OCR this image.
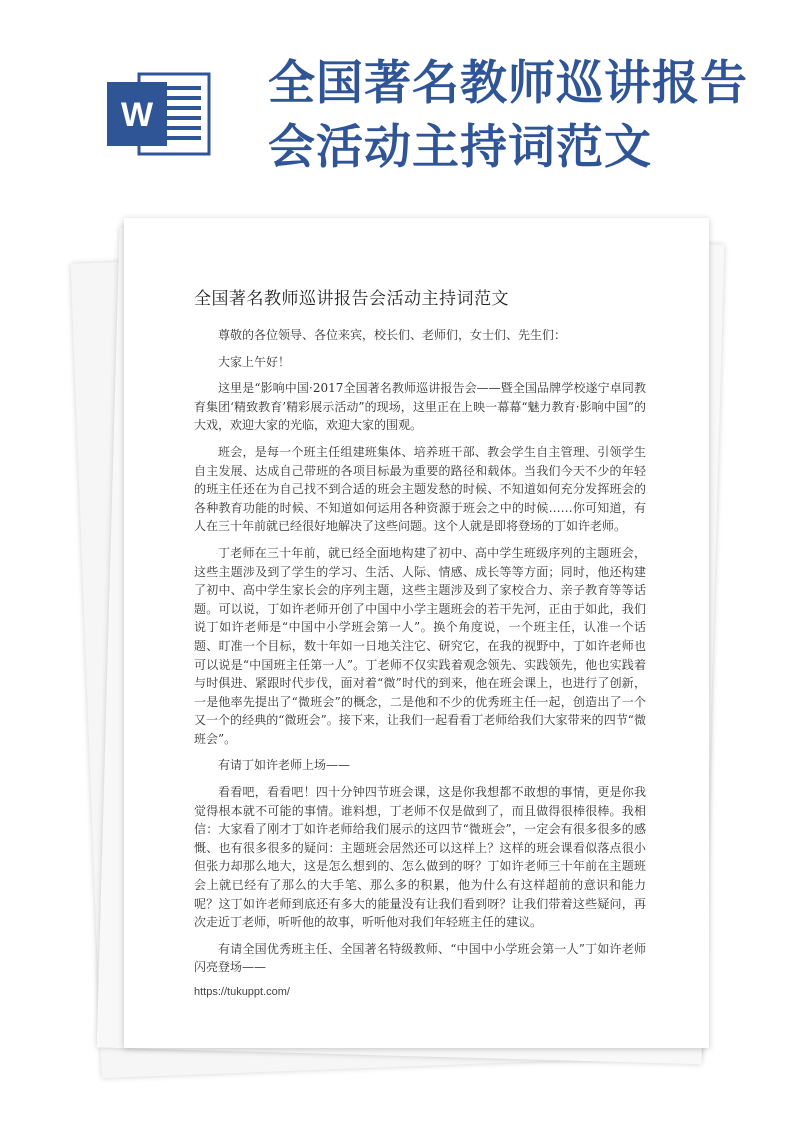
W
全国著名教师巡讲报告会活动主持词范文
全国著名教师巡讲报告会活动主持词范文

尊敬的各位领导、各位来宾，校长们、老师们，女士们、先生们：

大家上午好！

这里是“影响中国·2017全国著名教师巡讲报告会——暨全国品牌学校遂宁卓同教育集团‘精致教育’精彩展示活动”的现场，这里正在上映一幕幕“魅力教育·影响中国”的大戏，欢迎大家的光临，欢迎大家的围观。

班会，是每一个班主任组建班集体、培养班干部、教会学生自主管理、引领学生自主发展、达成自己带班的各项目标最为重要的路径和载体。当我们今天不少的年轻的班主任还在为自己找不到合适的班会主题发愁的时候、不知道如何充分发挥班会的各种教育功能的时候、不知道如何运用各种资源于班会之中的时候……你可知道，有人在三十年前就已经很好地解决了这些问题。这个人就是即将登场的丁如许老师。

丁老师在三十年前，就已经全面地构建了初中、高中学生班级序列的主题班会，这些主题涉及到了学生的学习、生活、人际、情感、成长等等方面；同时，他还构建了初中、高中学生家长会的序列主题，这些主题涉及到了家校合力、亲子教育等等话题。可以说，丁如许老师开创了中国中小学主题班会的若干先河，正由于如此，我们说丁如许老师是“中国中小学班会第一人”。换个角度说，一个班主任，认准一个话题、盯准一个目标，数十年如一日地关注它、研究它，在我的视野中，丁如许老师也可以说是“中国班主任第一人”。丁老师不仅实践着观念领先、实践领先，他也实践着与时俱进、紧跟时代步伐，面对着“微”时代的到来，他在班会课上，也进行了创新，一是他率先提出了“微班会”的概念，二是他和不少的优秀班主任一起，创造出了一个又一个的经典的“微班会”。接下来，让我们一起看看丁老师给我们大家带来的四节“微班会”。

有请丁如许老师上场——

看看吧，看看吧！四十分钟四节班会课，这是你我想都不敢想的事情，更是你我觉得根本就不可能的事情。谁料想，丁老师不仅是做到了，而且做得很棒很棒。我相信：大家看了刚才丁如许老师给我们展示的这四节“微班会”，一定会有很多很多的感慨、也有很多很多的疑问：主题班会居然还可以这样上？这样的班会课看似落点很小但张力却那么地大，这是怎么想到的、怎么做到的呀？丁如许老师三十年前在主题班会上就已经有了那么的大手笔、那么多的积累，他为什么有这样超前的意识和能力呢？这丁如许老师到底还有多大的能量没有让我们看到呀？让我们带着这些疑问，再次走近丁老师，听听他的故事，听听他对我们年轻班主任的建议。

有请全国优秀班主任、全国著名特级教师、“中国中小学班会第一人”丁如许老师闪亮登场——

https://tukuppt.com/
